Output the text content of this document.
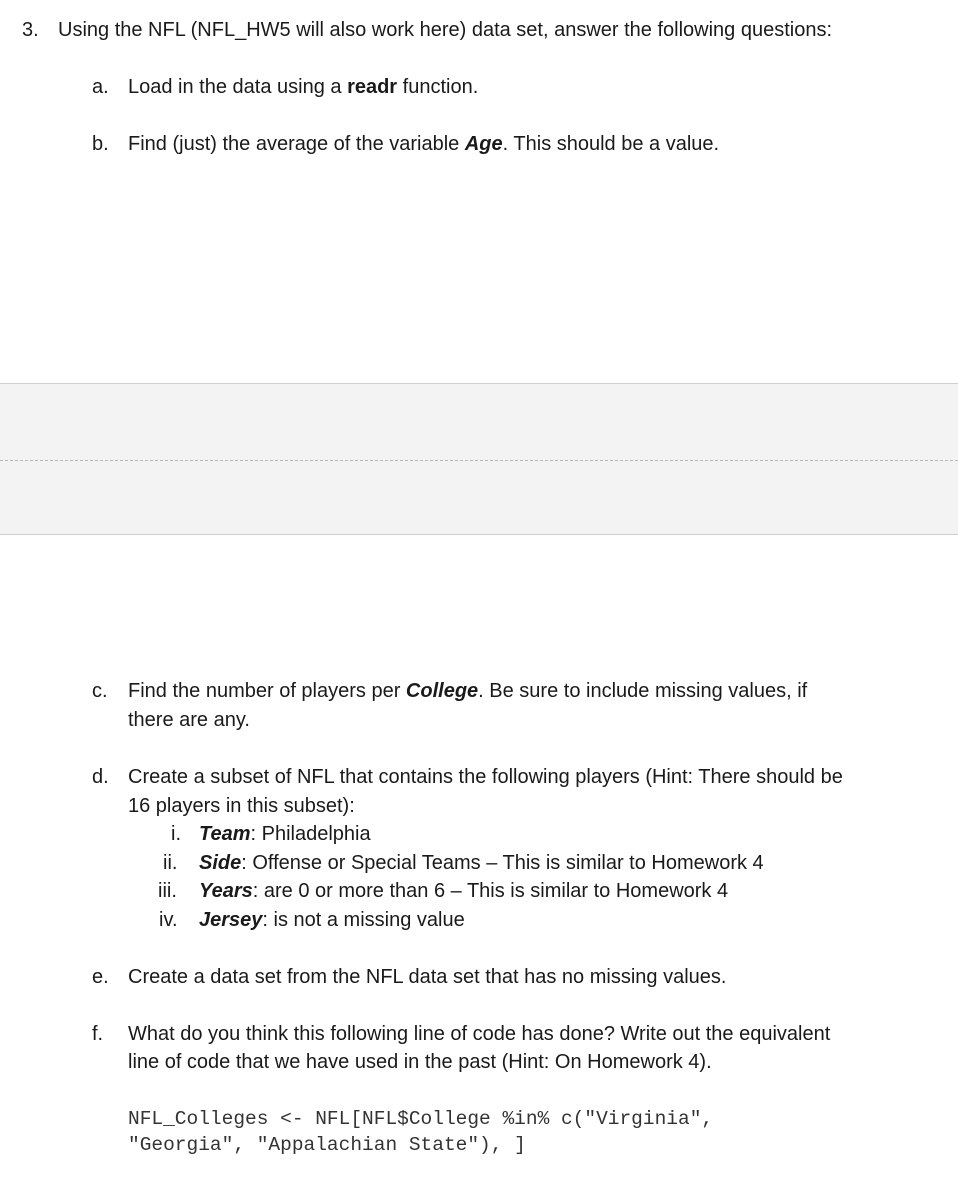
3. Using the NFL (NFL_HW5 will also work here) data set, answer the following questions:
a. Load in the data using a readr function.
b. Find (just) the average of the variable Age. This should be a value.
c. Find the number of players per College. Be sure to include missing values, if
there are any.
d. Create a subset of NFL that contains the following players (Hint: There should be
16 players in this subset):
i. Team: Philadelphia
ii. Side: Offense or Special Teams – This is similar to Homework 4
iii. Years: are 0 or more than 6 – This is similar to Homework 4
iv. Jersey: is not a missing value
e. Create a data set from the NFL data set that has no missing values.
f. What do you think this following line of code has done? Write out the equivalent
line of code that we have used in the past (Hint: On Homework 4).
NFL_Colleges <- NFL[NFL$College %in% c("Virginia",
"Georgia", "Appalachian State"), ]
